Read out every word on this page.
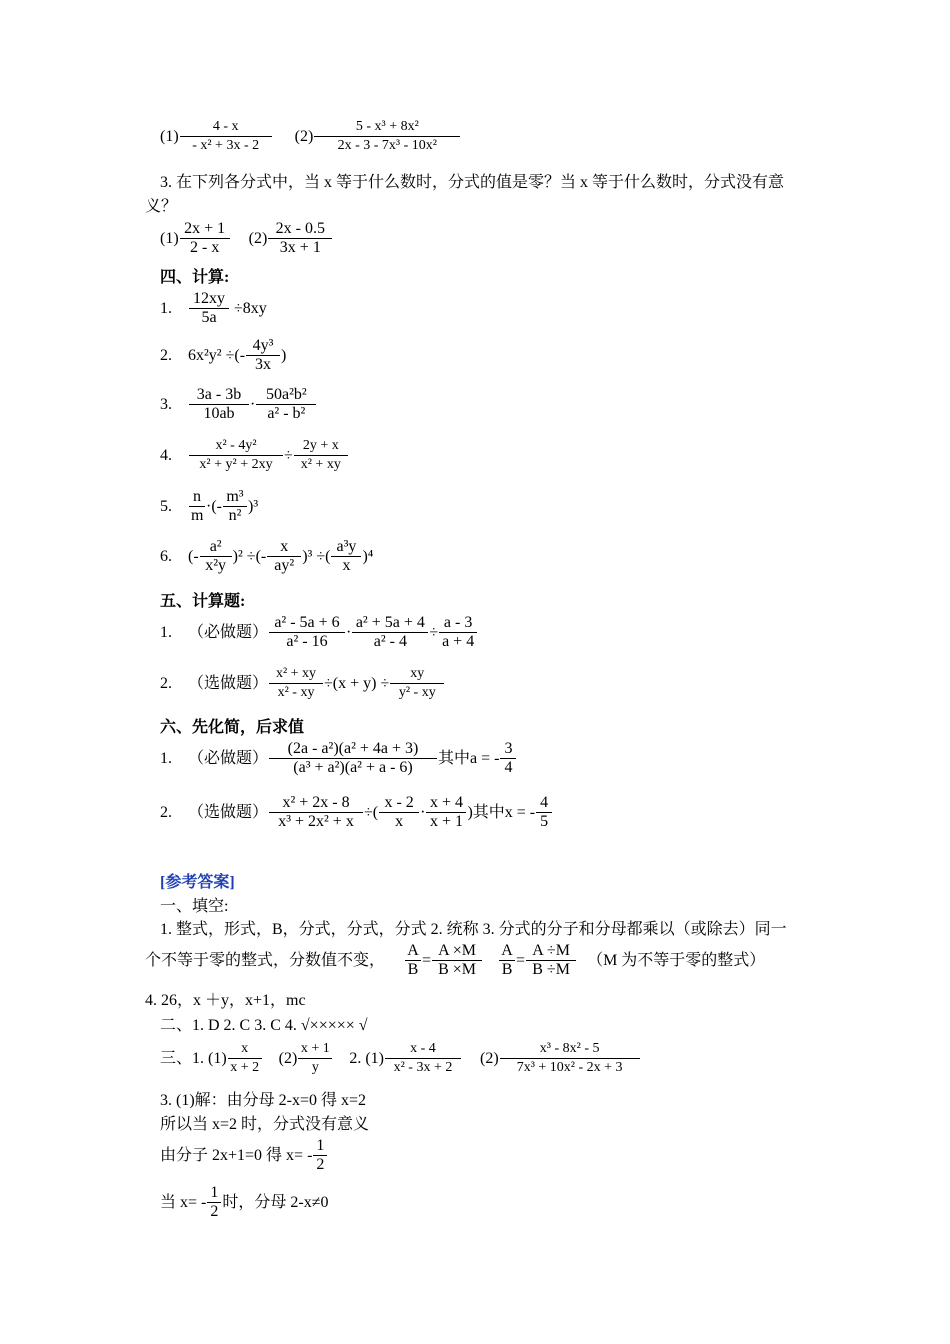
$(1) \frac{4 - x}{\text{- x² + 3x - 2}} (2) \frac{\text{5 - x³ + 8x²}}{\text{2x - 3 - 7x³ - 10x²}}$
3. 在下列各分式中，当 x 等于什么数时，分式的值是零？当 x 等于什么数时，分式没有意
义？
$(1) \frac{2x + 1}{2 - x} (2) \frac{2x - 0.5}{3x + 1}$
四、计算:
1.	$\frac{12xy}{5a} \div 8xy$
2.	6x²y² ÷(- $\frac{\text{4y³}}{3x}$ )
3.	$\frac{3a - 3b}{10ab} \cdot \frac{\text{50a²b²}}{\text{a² - b²}}$
4.	$\frac{\text{x² - 4y²}}{\text{x² + y² + 2xy}} \div \frac{2y + x}{\text{x² + xy}}$
5.	$\frac{n}{m}$ ·(- $\frac{\text{m³}}{\text{n²}} )^3$
6.	(- $\frac{\text{a²}}{\text{x²y}} )^2$ ÷(- $\frac{x}{\text{ay²}} )^3$ ÷( $\frac{\text{a³y}}{x} )^4$
五、计算题:
1.	（必做题） $\frac{\text{a² - 5a + 6}}{\text{a² - 16}} \cdot \frac{\text{a² + 5a + 4}}{\text{a² - 4}} \div \frac{a - 3}{a + 4}$
2.	（选做题） $\frac{\text{x² + xy}}{\text{x² - xy}} \div(x + y) \div \frac{xy}{\text{y² - xy}}$
六、先化简，后求值
1.	（必做题） $\frac{\text{(2a - a²)(a² + 4a + 3)}}{\text{(a³ + a²)(a² + a - 6)}}$ 其中a = - $\frac{3}{4}$
2.	（选做题） $\frac{\text{x² + 2x - 8}}{\text{x³ + 2x² + x}}$ ÷( $\frac{x - 2}{x} \cdot \frac{x + 4}{x + 1}$ )其中x = - $\frac{4}{5}$
[参考答案]
一、填空:
1. 整式，形式，B，分式，分式，分式 2. 统称 3. 分式的分子和分母都乘以（或除去）同一
个不等于零的整式，分数值不变， $\frac{A}{B} = \frac{A \times M}{B \times M} \frac{A}{B} = \frac{A \div M}{B \div M} (M$ 为不等于零的整式）
4. 26，x ＋y，x+1，mc
二、1. D 2. C 3. C 4. √××××× √
三、1. $(1) \frac{x}{x + 2} (2) \frac{x + 1}{y} 2$. $(1) \frac{x - 4}{\text{x² - 3x + 2}} (2) \frac{\text{x³ - 8x² - 5}}{\text{7x³ + 10x² - 2x + 3}}$
3. (1)解：由分母 2-x=0 得 x=2
所以当 x=2 时，分式没有意义
由分子 2x+1=0 得 $x= - \frac{1}{2}$
当 $x= - \frac{1}{2}$ 时，分母 2-x≠0
